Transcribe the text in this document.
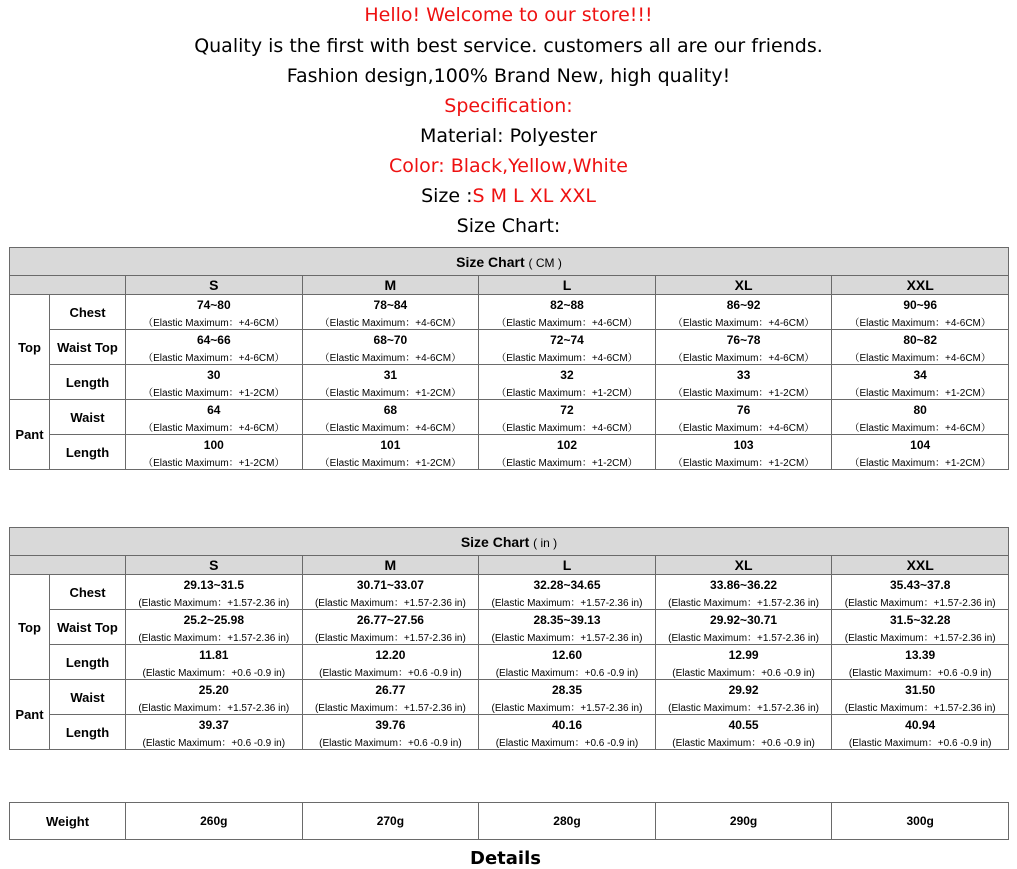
Hello! Welcome to our store!!!
Quality is the first with best service. customers all are our friends.
Fashion design,100% Brand New, high quality!
Specification:
Material: Polyester
Color: Black,Yellow,White
Size :S M L XL XXL
Size Chart:
Size Chart ( CM )						
		S	M	L	XL	XXL
Top	Chest	74~80	78~84	82~88	86~92	90~96
		（Elastic Maximum：+4-6CM）	（Elastic Maximum：+4-6CM）	（Elastic Maximum：+4-6CM）	（Elastic Maximum：+4-6CM）	（Elastic Maximum：+4-6CM）
	Waist Top	64~66	68~70	72~74	76~78	80~82
		（Elastic Maximum：+4-6CM）	（Elastic Maximum：+4-6CM）	（Elastic Maximum：+4-6CM）	（Elastic Maximum：+4-6CM）	（Elastic Maximum：+4-6CM）
	Length	30	31	32	33	34
		（Elastic Maximum：+1-2CM）	（Elastic Maximum：+1-2CM）	（Elastic Maximum：+1-2CM）	（Elastic Maximum：+1-2CM）	（Elastic Maximum：+1-2CM）
Pant	Waist	64	68	72	76	80
		（Elastic Maximum：+4-6CM）	（Elastic Maximum：+4-6CM）	（Elastic Maximum：+4-6CM）	（Elastic Maximum：+4-6CM）	（Elastic Maximum：+4-6CM）
	Length	100	101	102	103	104
		（Elastic Maximum：+1-2CM）	（Elastic Maximum：+1-2CM）	（Elastic Maximum：+1-2CM）	（Elastic Maximum：+1-2CM）	（Elastic Maximum：+1-2CM）
Size Chart ( in )						
		S	M	L	XL	XXL
Top	Chest	29.13~31.5	30.71~33.07	32.28~34.65	33.86~36.22	35.43~37.8
		(Elastic Maximum：+1.57-2.36 in)	(Elastic Maximum：+1.57-2.36 in)	(Elastic Maximum：+1.57-2.36 in)	(Elastic Maximum：+1.57-2.36 in)	(Elastic Maximum：+1.57-2.36 in)
	Waist Top	25.2~25.98	26.77~27.56	28.35~39.13	29.92~30.71	31.5~32.28
		(Elastic Maximum：+1.57-2.36 in)	(Elastic Maximum：+1.57-2.36 in)	(Elastic Maximum：+1.57-2.36 in)	(Elastic Maximum：+1.57-2.36 in)	(Elastic Maximum：+1.57-2.36 in)
	Length	11.81	12.20	12.60	12.99	13.39
		(Elastic Maximum：+0.6 -0.9 in)	(Elastic Maximum：+0.6 -0.9 in)	(Elastic Maximum：+0.6 -0.9 in)	(Elastic Maximum：+0.6 -0.9 in)	(Elastic Maximum：+0.6 -0.9 in)
Pant	Waist	25.20	26.77	28.35	29.92	31.50
		(Elastic Maximum：+1.57-2.36 in)	(Elastic Maximum：+1.57-2.36 in)	(Elastic Maximum：+1.57-2.36 in)	(Elastic Maximum：+1.57-2.36 in)	(Elastic Maximum：+1.57-2.36 in)
	Length	39.37	39.76	40.16	40.55	40.94
		(Elastic Maximum：+0.6 -0.9 in)	(Elastic Maximum：+0.6 -0.9 in)	(Elastic Maximum：+0.6 -0.9 in)	(Elastic Maximum：+0.6 -0.9 in)	(Elastic Maximum：+0.6 -0.9 in)
Weight	260g	270g	280g	290g	300g
Details
